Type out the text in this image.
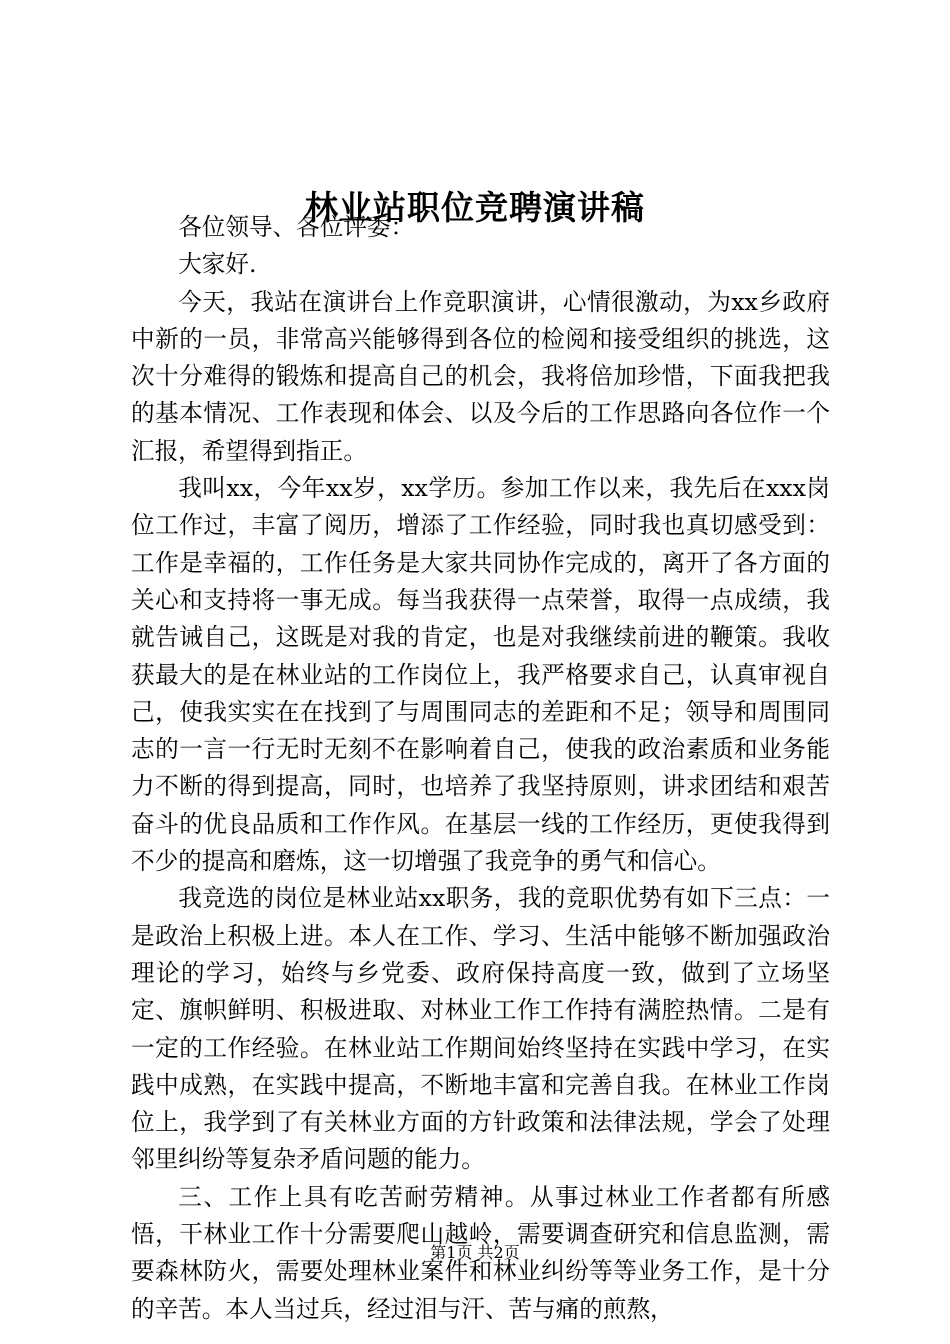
林业站职位竞聘演讲稿

各位领导、各位评委：

大家好.

今天，我站在演讲台上作竞职演讲，心情很激动，为xx乡政府中新的一员，非常高兴能够得到各位的检阅和接受组织的挑选，这次十分难得的锻炼和提高自己的机会，我将倍加珍惜，下面我把我的基本情况、工作表现和体会、以及今后的工作思路向各位作一个汇报，希望得到指正。

我叫xx，今年xx岁，xx学历。参加工作以来，我先后在xxx岗位工作过，丰富了阅历，增添了工作经验，同时我也真切感受到：工作是幸福的，工作任务是大家共同协作完成的，离开了各方面的关心和支持将一事无成。每当我获得一点荣誉，取得一点成绩，我就告诫自己，这既是对我的肯定，也是对我继续前进的鞭策。我收获最大的是在林业站的工作岗位上，我严格要求自己，认真审视自己，使我实实在在找到了与周围同志的差距和不足；领导和周围同志的一言一行无时无刻不在影响着自己，使我的政治素质和业务能力不断的得到提高，同时，也培养了我坚持原则，讲求团结和艰苦奋斗的优良品质和工作作风。在基层一线的工作经历，更使我得到不少的提高和磨炼，这一切增强了我竞争的勇气和信心。

我竞选的岗位是林业站xx职务，我的竞职优势有如下三点：一是政治上积极上进。本人在工作、学习、生活中能够不断加强政治理论的学习，始终与乡党委、政府保持高度一致，做到了立场坚定、旗帜鲜明、积极进取、对林业工作工作持有满腔热情。二是有一定的工作经验。在林业站工作期间始终坚持在实践中学习，在实践中成熟，在实践中提高，不断地丰富和完善自我。在林业工作岗位上，我学到了有关林业方面的方针政策和法律法规，学会了处理邻里纠纷等复杂矛盾问题的能力。

三、工作上具有吃苦耐劳精神。从事过林业工作者都有所感悟，干林业工作十分需要爬山越岭，需要调查研究和信息监测，需要森林防火，需要处理林业案件和林业纠纷等等业务工作，是十分的辛苦。本人当过兵，经过泪与汗、苦与痛的煎熬，

第1页 共2页
